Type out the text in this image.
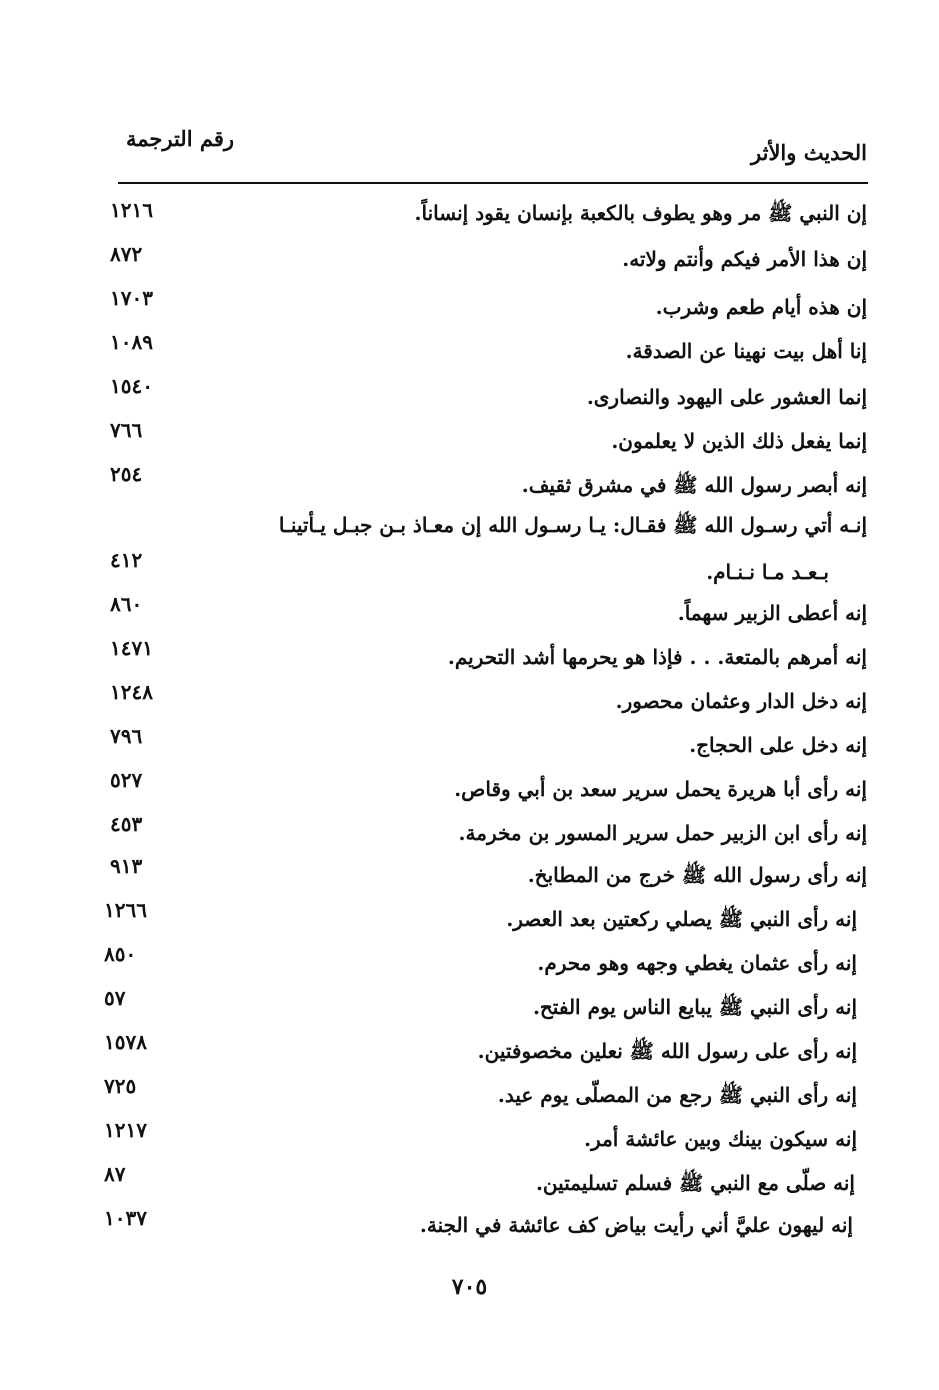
الحديث والأثر
رقم الترجمة
إن النبي ﷺ مر وهو يطوف بالكعبة بإنسان يقود إنساناً.
١٢١٦
إن هذا الأمر فيكم وأنتم ولاته.
٨٧٢
إن هذه أيام طعم وشرب.
١٧٠٣
إنا أهل بيت نهينا عن الصدقة.
١٠٨٩
إنما العشور على اليهود والنصارى.
١٥٤٠
إنما يفعل ذلك الذين لا يعلمون.
٧٦٦
إنه أبصر رسول الله ﷺ في مشرق ثقيف.
٢٥٤
إنـه أتي رسـول الله ﷺ فقـال: يـا رسـول الله إن معـاذ بـن جبـل يـأتينـا
بـعـد مـا نـنـام.
٤١٢
إنه أعطى الزبير سهماً.
٨٦٠
إنه أمرهم بالمتعة. . . فإذا هو يحرمها أشد التحريم.
١٤٧١
إنه دخل الدار وعثمان محصور.
١٢٤٨
إنه دخل على الحجاج.
٧٩٦
إنه رأى أبا هريرة يحمل سرير سعد بن أبي وقاص.
٥٢٧
إنه رأى ابن الزبير حمل سرير المسور بن مخرمة.
٤٥٣
إنه رأى رسول الله ﷺ خرج من المطابخ.
٩١٣
إنه رأى النبي ﷺ يصلي ركعتين بعد العصر.
١٢٦٦
إنه رأى عثمان يغطي وجهه وهو محرم.
٨٥٠
إنه رأى النبي ﷺ يبايع الناس يوم الفتح.
٥٧
إنه رأى على رسول الله ﷺ نعلين مخصوفتين.
١٥٧٨
إنه رأى النبي ﷺ رجع من المصلّى يوم عيد.
٧٢٥
إنه سيكون بينك وبين عائشة أمر.
١٢١٧
إنه صلّى مع النبي ﷺ فسلم تسليمتين.
٨٧
إنه ليهون عليَّ أني رأيت بياض كف عائشة في الجنة.
١٠٣٧
٧٠٥
